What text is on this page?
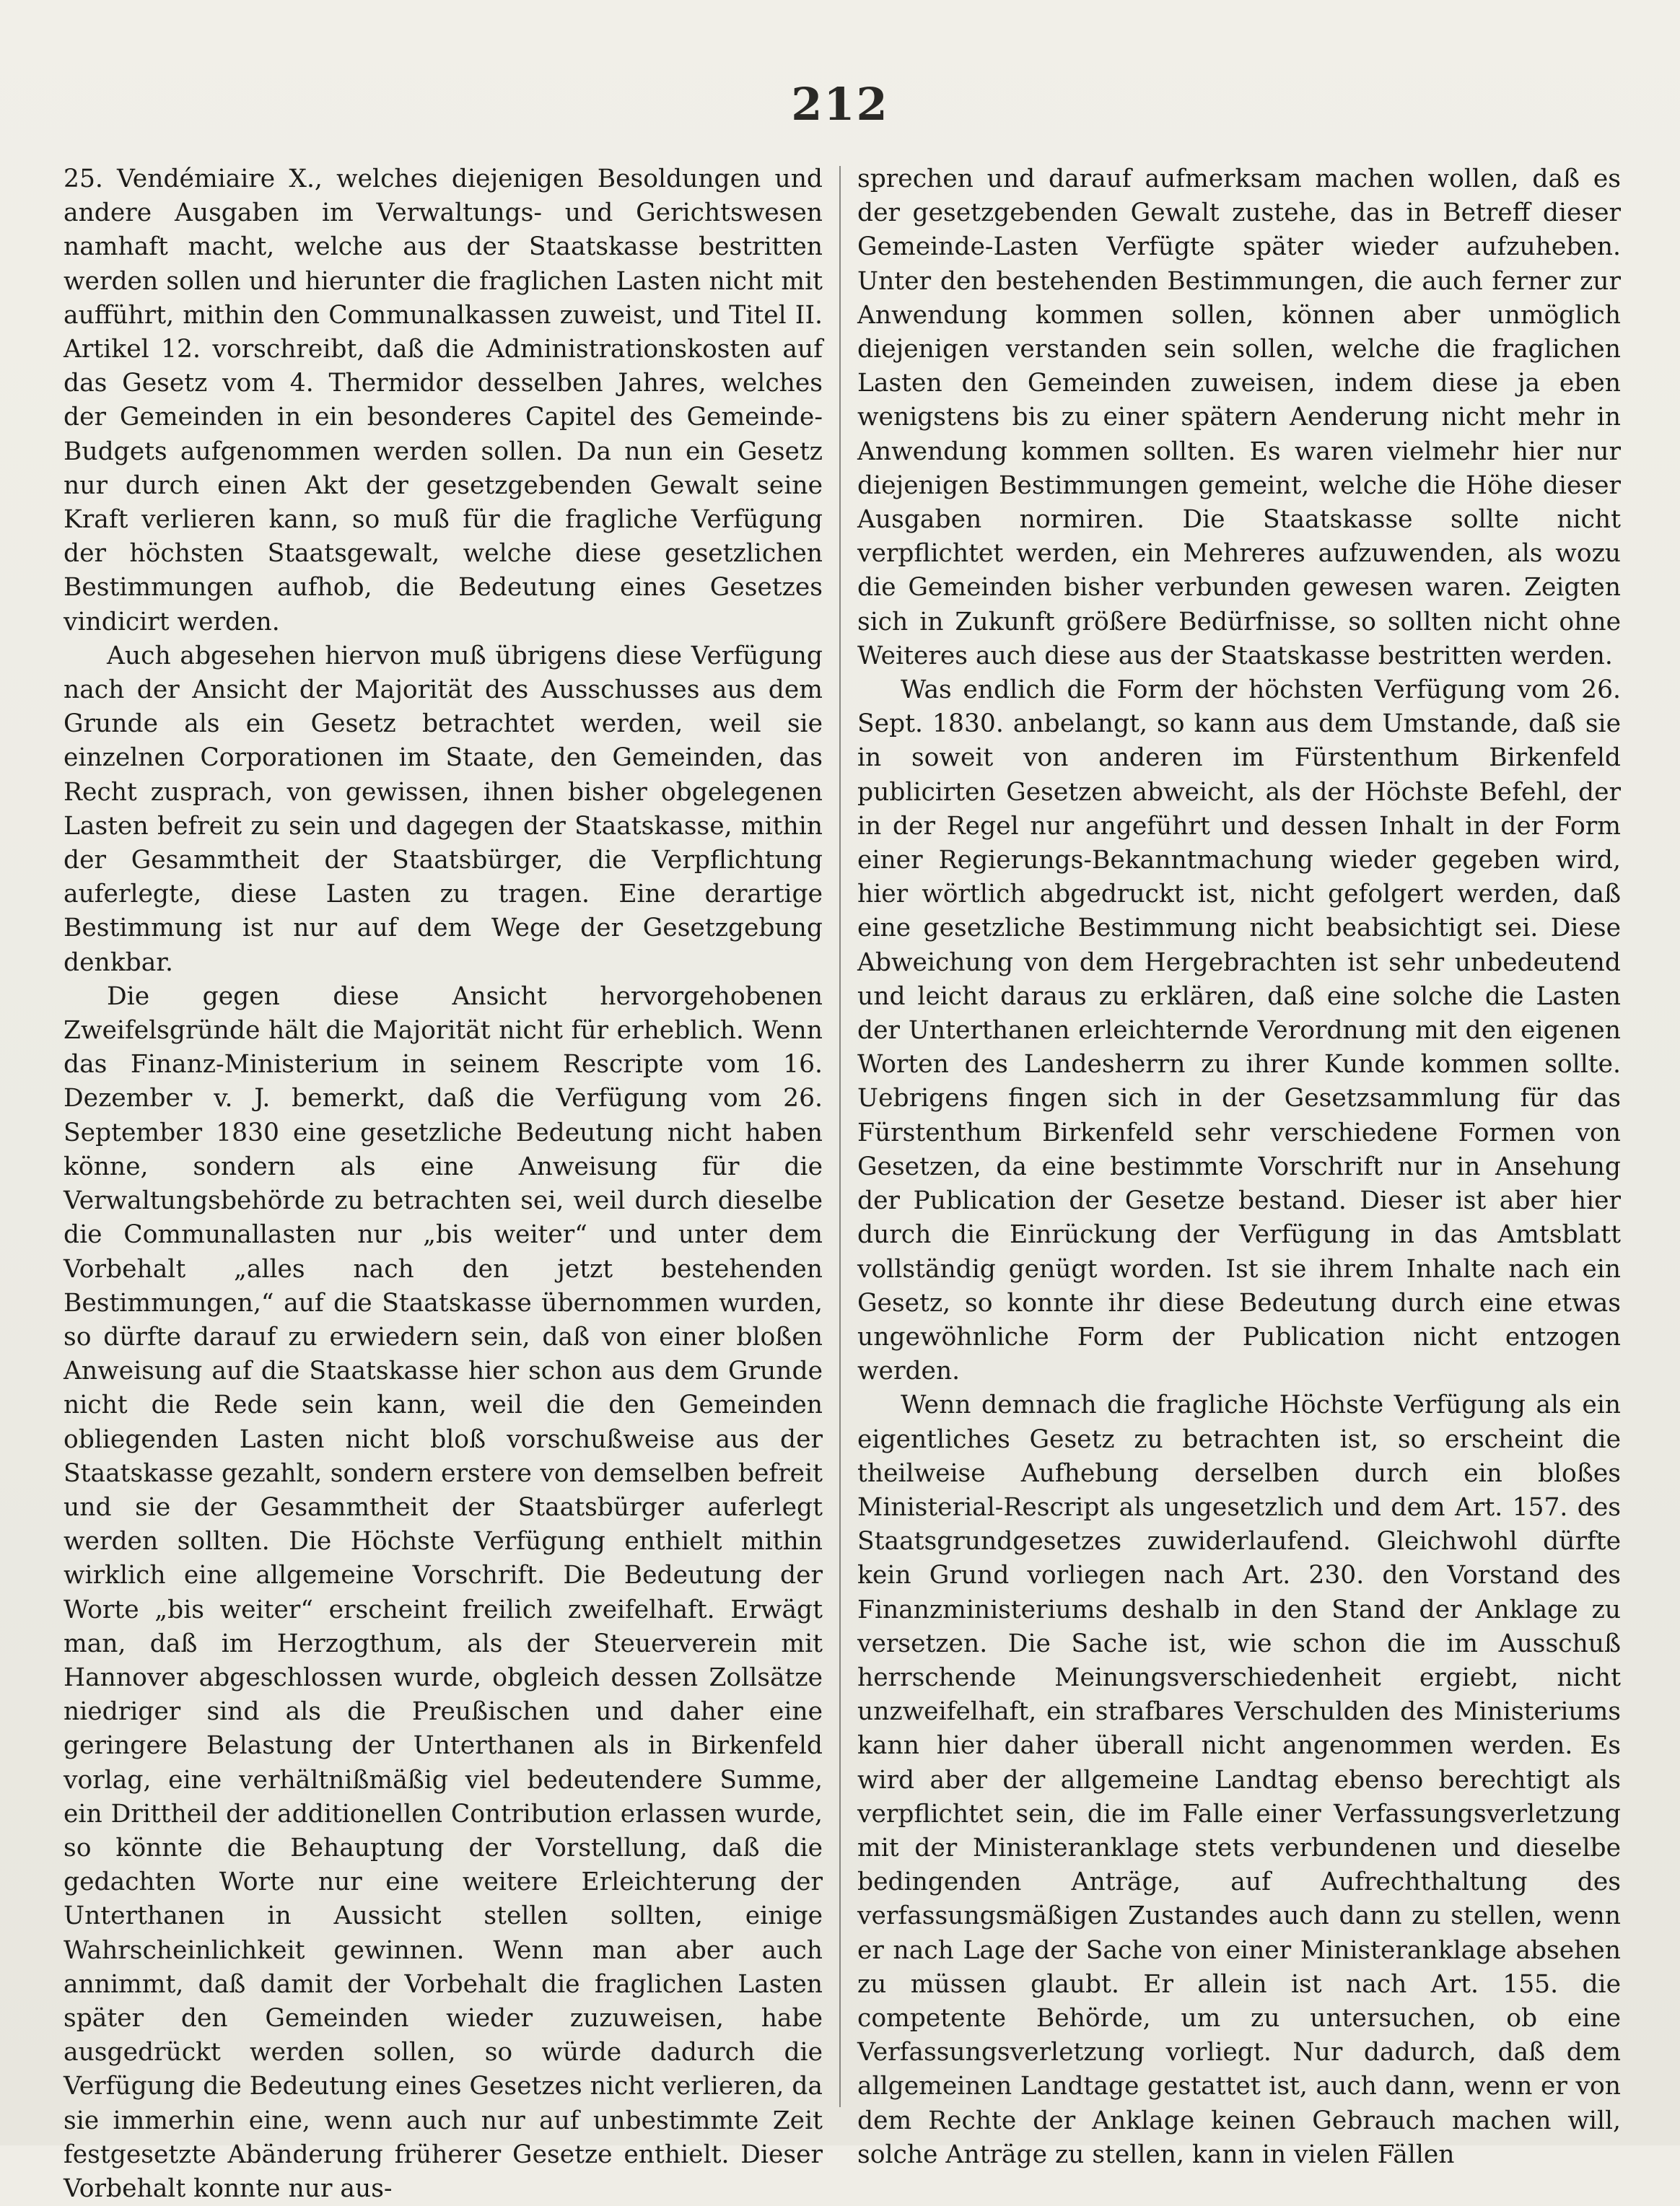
212

25. Vendémiaire X., welches diejenigen Besoldungen und andere Ausgaben im Verwaltungs- und Gerichtswesen namhaft macht, welche aus der Staatskasse bestritten werden sollen und hierunter die fraglichen Lasten nicht mit aufführt, mithin den Communalkassen zuweist, und Titel II. Artikel 12. vorschreibt, daß die Administrationskosten auf das Gesetz vom 4. Thermidor desselben Jahres, welches der Gemeinden in ein besonderes Capitel des Gemeinde-Budgets aufgenommen werden sollen. Da nun ein Gesetz nur durch einen Akt der gesetzgebenden Gewalt seine Kraft verlieren kann, so muß für die fragliche Verfügung der höchsten Staatsgewalt, welche diese gesetzlichen Bestimmungen aufhob, die Bedeutung eines Gesetzes vindicirt werden.

Auch abgesehen hiervon muß übrigens diese Verfügung nach der Ansicht der Majorität des Ausschusses aus dem Grunde als ein Gesetz betrachtet werden, weil sie einzelnen Corporationen im Staate, den Gemeinden, das Recht zusprach, von gewissen, ihnen bisher obgelegenen Lasten befreit zu sein und dagegen der Staatskasse, mithin der Gesammtheit der Staatsbürger, die Verpflichtung auferlegte, diese Lasten zu tragen. Eine derartige Bestimmung ist nur auf dem Wege der Gesetzgebung denkbar.

Die gegen diese Ansicht hervorgehobenen Zweifelsgründe hält die Majorität nicht für erheblich. Wenn das Finanz-Ministerium in seinem Rescripte vom 16. Dezember v. J. bemerkt, daß die Verfügung vom 26. September 1830 eine gesetzliche Bedeutung nicht haben könne, sondern als eine Anweisung für die Verwaltungsbehörde zu betrachten sei, weil durch dieselbe die Communallasten nur „bis weiter“ und unter dem Vorbehalt „alles nach den jetzt bestehenden Bestimmungen,“ auf die Staatskasse übernommen wurden, so dürfte darauf zu erwiedern sein, daß von einer bloßen Anweisung auf die Staatskasse hier schon aus dem Grunde nicht die Rede sein kann, weil die den Gemeinden obliegenden Lasten nicht bloß vorschußweise aus der Staatskasse gezahlt, sondern erstere von demselben befreit und sie der Gesammtheit der Staatsbürger auferlegt werden sollten. Die Höchste Verfügung enthielt mithin wirklich eine allgemeine Vorschrift. Die Bedeutung der Worte „bis weiter“ erscheint freilich zweifelhaft. Erwägt man, daß im Herzogthum, als der Steuerverein mit Hannover abgeschlossen wurde, obgleich dessen Zollsätze niedriger sind als die Preußischen und daher eine geringere Belastung der Unterthanen als in Birkenfeld vorlag, eine verhältnißmäßig viel bedeutendere Summe, ein Drittheil der additionellen Contribution erlassen wurde, so könnte die Behauptung der Vorstellung, daß die gedachten Worte nur eine weitere Erleichterung der Unterthanen in Aussicht stellen sollten, einige Wahrscheinlichkeit gewinnen. Wenn man aber auch annimmt, daß damit der Vorbehalt die fraglichen Lasten später den Gemeinden wieder zuzuweisen, habe ausgedrückt werden sollen, so würde dadurch die Verfügung die Bedeutung eines Gesetzes nicht verlieren, da sie immerhin eine, wenn auch nur auf unbestimmte Zeit festgesetzte Abänderung früherer Gesetze enthielt. Dieser Vorbehalt konnte nur aus-

sprechen und darauf aufmerksam machen wollen, daß es der gesetzgebenden Gewalt zustehe, das in Betreff dieser Gemeinde-Lasten Verfügte später wieder aufzuheben. Unter den bestehenden Bestimmungen, die auch ferner zur Anwendung kommen sollen, können aber unmöglich diejenigen verstanden sein sollen, welche die fraglichen Lasten den Gemeinden zuweisen, indem diese ja eben wenigstens bis zu einer spätern Aenderung nicht mehr in Anwendung kommen sollten. Es waren vielmehr hier nur diejenigen Bestimmungen gemeint, welche die Höhe dieser Ausgaben normiren. Die Staatskasse sollte nicht verpflichtet werden, ein Mehreres aufzuwenden, als wozu die Gemeinden bisher verbunden gewesen waren. Zeigten sich in Zukunft größere Bedürfnisse, so sollten nicht ohne Weiteres auch diese aus der Staatskasse bestritten werden.

Was endlich die Form der höchsten Verfügung vom 26. Sept. 1830. anbelangt, so kann aus dem Umstande, daß sie in soweit von anderen im Fürstenthum Birkenfeld publicirten Gesetzen abweicht, als der Höchste Befehl, der in der Regel nur angeführt und dessen Inhalt in der Form einer Regierungs-Bekanntmachung wieder gegeben wird, hier wörtlich abgedruckt ist, nicht gefolgert werden, daß eine gesetzliche Bestimmung nicht beabsichtigt sei. Diese Abweichung von dem Hergebrachten ist sehr unbedeutend und leicht daraus zu erklären, daß eine solche die Lasten der Unterthanen erleichternde Verordnung mit den eigenen Worten des Landesherrn zu ihrer Kunde kommen sollte. Uebrigens fingen sich in der Gesetzsammlung für das Fürstenthum Birkenfeld sehr verschiedene Formen von Gesetzen, da eine bestimmte Vorschrift nur in Ansehung der Publication der Gesetze bestand. Dieser ist aber hier durch die Einrückung der Verfügung in das Amtsblatt vollständig genügt worden. Ist sie ihrem Inhalte nach ein Gesetz, so konnte ihr diese Bedeutung durch eine etwas ungewöhnliche Form der Publication nicht entzogen werden.

Wenn demnach die fragliche Höchste Verfügung als ein eigentliches Gesetz zu betrachten ist, so erscheint die theilweise Aufhebung derselben durch ein bloßes Ministerial-Rescript als ungesetzlich und dem Art. 157. des Staatsgrundgesetzes zuwiderlaufend. Gleichwohl dürfte kein Grund vorliegen nach Art. 230. den Vorstand des Finanzministeriums deshalb in den Stand der Anklage zu versetzen. Die Sache ist, wie schon die im Ausschuß herrschende Meinungsverschiedenheit ergiebt, nicht unzweifelhaft, ein strafbares Verschulden des Ministeriums kann hier daher überall nicht angenommen werden. Es wird aber der allgemeine Landtag ebenso berechtigt als verpflichtet sein, die im Falle einer Verfassungsverletzung mit der Ministeranklage stets verbundenen und dieselbe bedingenden Anträge, auf Aufrechthaltung des verfassungsmäßigen Zustandes auch dann zu stellen, wenn er nach Lage der Sache von einer Ministeranklage absehen zu müssen glaubt. Er allein ist nach Art. 155. die competente Behörde, um zu untersuchen, ob eine Verfassungsverletzung vorliegt. Nur dadurch, daß dem allgemeinen Landtage gestattet ist, auch dann, wenn er von dem Rechte der Anklage keinen Gebrauch machen will, solche Anträge zu stellen, kann in vielen Fällen
